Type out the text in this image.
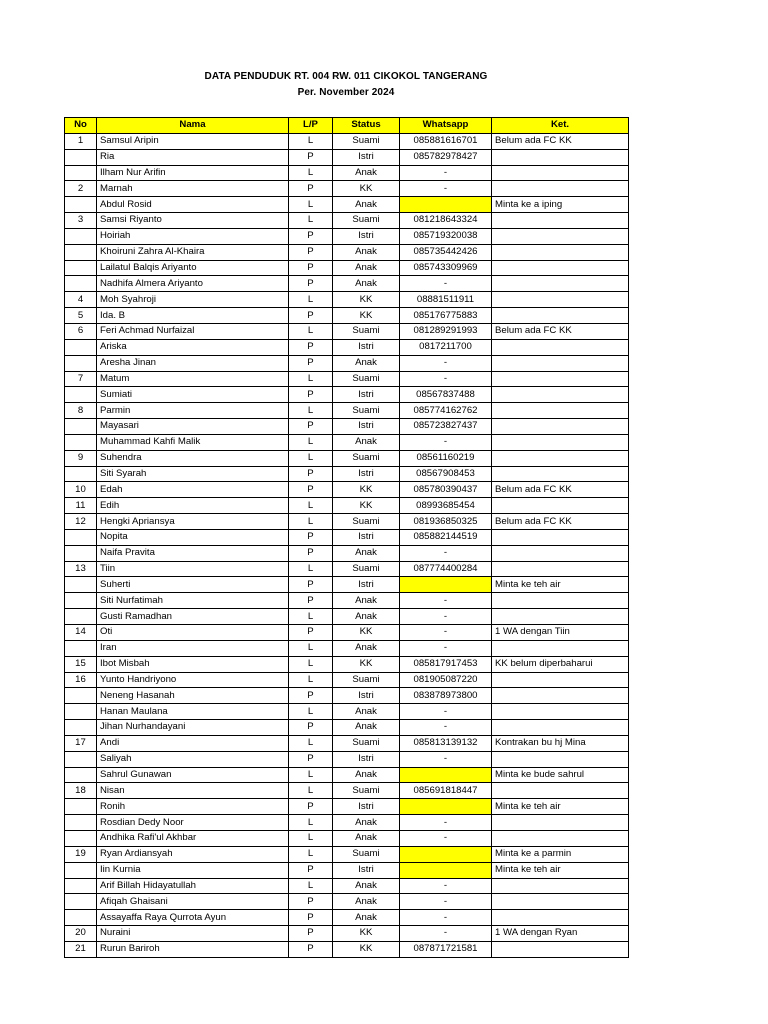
DATA PENDUDUK RT. 004 RW. 011 CIKOKOL TANGERANG
Per. November 2024
No	Nama	L/P	Status	Whatsapp	Ket.
1	Samsul Aripin	L	Suami	085881616701	Belum ada FC KK
	Ria	P	Istri	085782978427	
	Ilham Nur Arifin	L	Anak	-	
2	Marnah	P	KK	-	
	Abdul Rosid	L	Anak		Minta ke a iping
3	Samsi Riyanto	L	Suami	081218643324	
	Hoiriah	P	Istri	085719320038	
	Khoiruni Zahra Al-Khaira	P	Anak	085735442426	
	Lailatul Balqis Ariyanto	P	Anak	085743309969	
	Nadhifa Almera Ariyanto	P	Anak	-	
4	Moh Syahroji	L	KK	08881511911	
5	Ida. B	P	KK	085176775883	
6	Feri Achmad Nurfaizal	L	Suami	081289291993	Belum ada FC KK
	Ariska	P	Istri	0817211700	
	Aresha Jinan	P	Anak	-	
7	Matum	L	Suami	-	
	Sumiati	P	Istri	08567837488	
8	Parmin	L	Suami	085774162762	
	Mayasari	P	Istri	085723827437	
	Muhammad Kahfi Malik	L	Anak	-	
9	Suhendra	L	Suami	08561160219	
	Siti Syarah	P	Istri	08567908453	
10	Edah	P	KK	085780390437	Belum ada FC KK
11	Edih	L	KK	08993685454	
12	Hengki Apriansya	L	Suami	081936850325	Belum ada FC KK
	Nopita	P	Istri	085882144519	
	Naifa Pravita	P	Anak	-	
13	Tiin	L	Suami	087774400284	
	Suherti	P	Istri		Minta ke teh air
	Siti Nurfatimah	P	Anak	-	
	Gusti Ramadhan	L	Anak	-	
14	Oti	P	KK	-	1 WA dengan Tiin
	Iran	L	Anak	-	
15	Ibot Misbah	L	KK	085817917453	KK belum diperbaharui
16	Yunto Handriyono	L	Suami	081905087220	
	Neneng Hasanah	P	Istri	083878973800	
	Hanan Maulana	L	Anak	-	
	Jihan Nurhandayani	P	Anak	-	
17	Andi	L	Suami	085813139132	Kontrakan bu hj Mina
	Saliyah	P	Istri	-	
	Sahrul Gunawan	L	Anak		Minta ke bude sahrul
18	Nisan	L	Suami	085691818447	
	Ronih	P	Istri		Minta ke teh air
	Rosdian Dedy Noor	L	Anak	-	
	Andhika Rafi'ul Akhbar	L	Anak	-	
19	Ryan Ardiansyah	L	Suami		Minta ke a parmin
	Iin Kurnia	P	Istri		Minta ke teh air
	Arif Billah Hidayatullah	L	Anak	-	
	Afiqah Ghaisani	P	Anak	-	
	Assayaffa Raya Qurrota Ayun	P	Anak	-	
20	Nuraini	P	KK	-	1 WA dengan Ryan
21	Rurun Bariroh	P	KK	087871721581	
